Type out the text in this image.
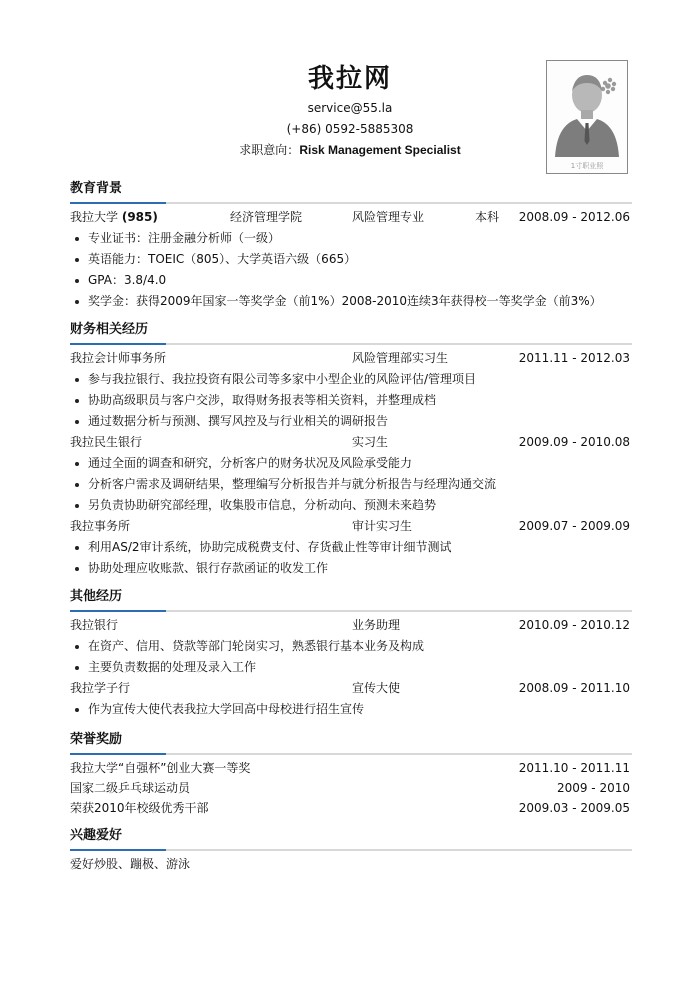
我拉网
service@55.la
(+86) 0592-5885308
求职意向：Risk Management Specialist
1寸职业照
教育背景
我拉大学 (985)	经济管理学院	风险管理专业	本科 2008.09 - 2012.06
专业证书：注册金融分析师（一级）
英语能力：TOEIC（805）、大学英语六级（665）
GPA：3.8/4.0
奖学金：获得2009年国家一等奖学金（前1%）2008-2010连续3年获得校一等奖学金（前3%）
财务相关经历
我拉会计师事务所	风险管理部实习生	2011.11 - 2012.03
参与我拉银行、我拉投资有限公司等多家中小型企业的风险评估/管理项目
协助高级职员与客户交涉，取得财务报表等相关资料，并整理成档
通过数据分析与预测、撰写风控及与行业相关的调研报告
我拉民生银行	实习生	2009.09 - 2010.08
通过全面的调查和研究，分析客户的财务状况及风险承受能力
分析客户需求及调研结果，整理编写分析报告并与就分析报告与经理沟通交流
另负责协助研究部经理，收集股市信息，分析动向、预测未来趋势
我拉事务所	审计实习生	2009.07 - 2009.09
利用AS/2审计系统，协助完成税费支付、存货截止性等审计细节测试
协助处理应收账款、银行存款函证的收发工作
其他经历
我拉银行	业务助理	2010.09 - 2010.12
在资产、信用、贷款等部门轮岗实习，熟悉银行基本业务及构成
主要负责数据的处理及录入工作
我拉学子行	宣传大使	2008.09 - 2011.10
作为宣传大使代表我拉大学回高中母校进行招生宣传
荣誉奖励
我拉大学“自强杯”创业大赛一等奖	2011.10 - 2011.11
国家二级乒乓球运动员	2009 - 2010
荣获2010年校级优秀干部	2009.03 - 2009.05
兴趣爱好
爱好炒股、蹦极、游泳
